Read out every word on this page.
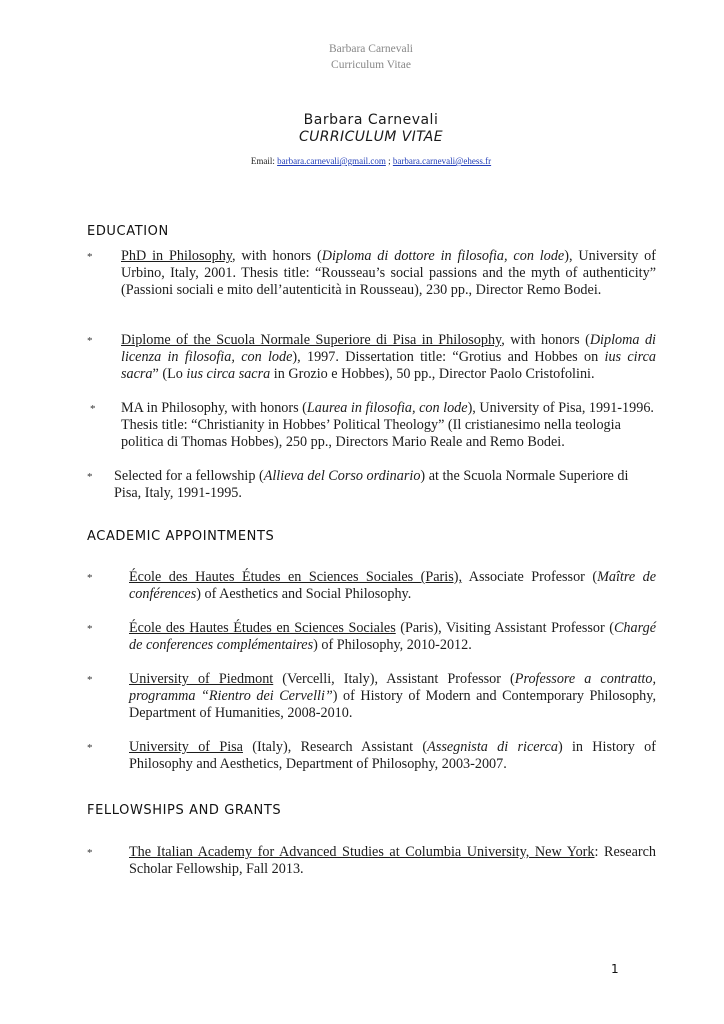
Barbara Carnevali
Curriculum Vitae
Barbara Carnevali
CURRICULUM VITAE
Email: barbara.carnevali@gmail.com ; barbara.carnevali@ehess.fr
EDUCATION
* PhD in Philosophy, with honors (Diploma di dottore in filosofia, con lode), University of Urbino, Italy, 2001. Thesis title: “Rousseau’s social passions and the myth of authenticity” (Passioni sociali e mito dell’autenticità in Rousseau), 230 pp., Director Remo Bodei.
* Diplome of the Scuola Normale Superiore di Pisa in Philosophy, with honors (Diploma di licenza in filosofia, con lode), 1997. Dissertation title: “Grotius and Hobbes on ius circa sacra” (Lo ius circa sacra in Grozio e Hobbes), 50 pp., Director Paolo Cristofolini.
*	MA in Philosophy, with honors (Laurea in filosofia, con lode), University of Pisa, 1991-1996. Thesis title: “Christianity in Hobbes’ Political Theology” (Il cristianesimo nella teologia politica di Thomas Hobbes), 250 pp., Directors Mario Reale and Remo Bodei.
* Selected for a fellowship (Allieva del Corso ordinario) at the Scuola Normale Superiore di Pisa, Italy, 1991-1995.
ACADEMIC APPOINTMENTS
*	École des Hautes Études en Sciences Sociales (Paris), Associate Professor (Maître de conférences) of Aesthetics and Social Philosophy.
*	École des Hautes Études en Sciences Sociales (Paris), Visiting Assistant Professor (Chargé de conferences complémentaires) of Philosophy, 2010-2012.
*	University of Piedmont (Vercelli, Italy), Assistant Professor (Professore a contratto, programma “Rientro dei Cervelli”) of History of Modern and Contemporary Philosophy, Department of Humanities, 2008-2010.
*	University of Pisa (Italy), Research Assistant (Assegnista di ricerca) in History of Philosophy and Aesthetics, Department of Philosophy, 2003-2007.
FELLOWSHIPS AND GRANTS
*	The Italian Academy for Advanced Studies at Columbia University, New York: Research Scholar Fellowship, Fall 2013.
1
